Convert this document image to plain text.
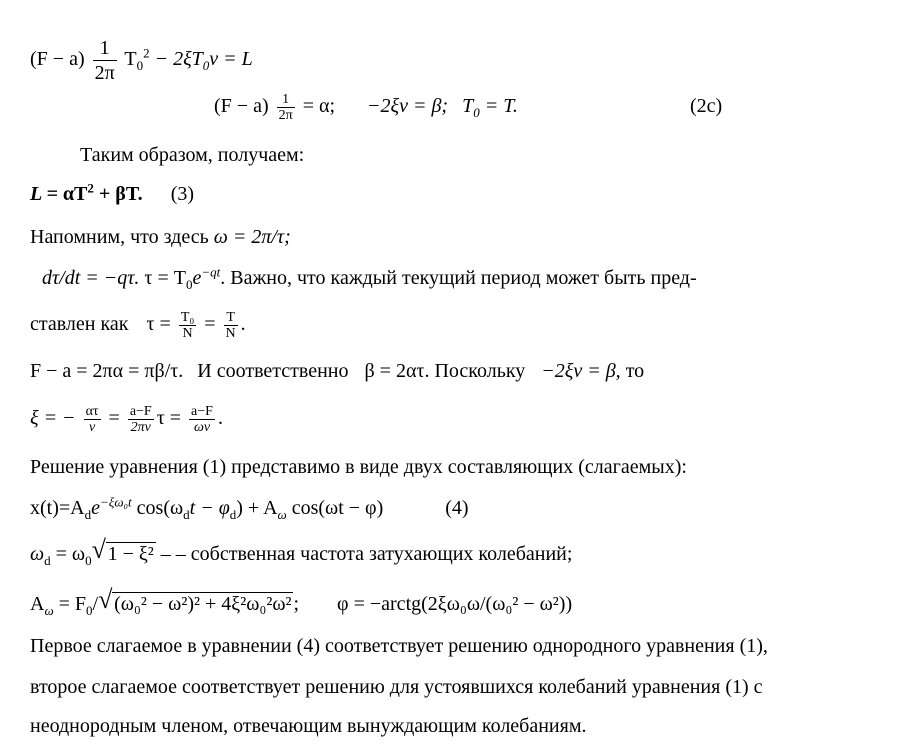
$(F - a) \frac{1}{2\pi} T_0^2 - 2\xi T_0v = L$
$(F - a) \frac{1}{2\pi} = \alpha$; −2ξv = β; $T_0 = T$.	(2c)
Таким образом, получаем:
$L = \alpha T^2 + \beta T$. (3)
Напомним, что здесь ω = 2π/τ;
dτ/dt = −qτ. $\tau = T_0e^{-qt}$. Важно, что каждый текущий период может быть пред-
ставлен как $\tau = \frac{\text{T₀}}{N} = \frac{T}{N}$ .
F − a = 2πα = πβ/τ. И соответственно β = 2ατ. Поскольку −2ξv = β, то
ξ = − $\frac{\alpha\tau}{v} = \frac{a-F}{2\pi v}$ $\tau = \frac{a-F}{\omega v}$ .
Решение уравнения (1) представимо в виде двух составляющих (слагаемых):
$x(t)=A_de^{-\xi\omega_0t}$ $\cos(\omega_dt - \varphi_d) + A_\omega$ cos(ωt − φ)	(4)
$\omega_d = \omega_0√$ 1 − ξ² – – собственная частота затухающих колебаний;
$A_\omega = F_0/√$ (ω₀² − ω²)² + 4ξ²ω₀²ω² ; φ = −arctg(2ξω₀ω/(ω₀² − ω²))
Первое слагаемое в уравнении (4) соответствует решению однородного уравнения (1),
второе слагаемое соответствует решению для устоявшихся колебаний уравнения (1) с
неоднородным членом, отвечающим вынуждающим колебаниям.
